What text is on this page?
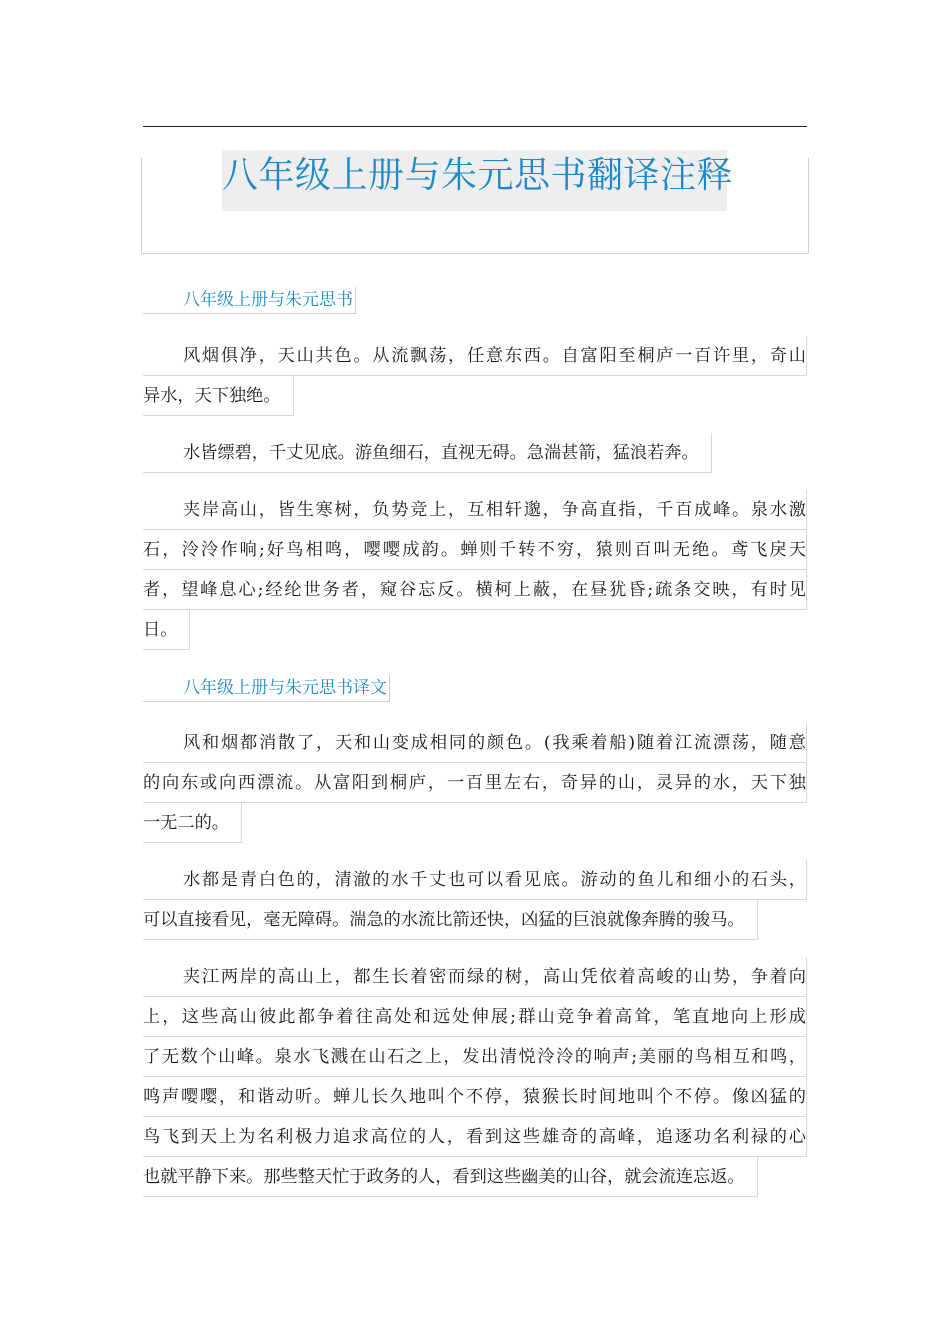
八年级上册与朱元思书翻译注释
八年级上册与朱元思书
风烟俱净，天山共色。从流飘荡，任意东西。自富阳至桐庐一百许里，奇山
异水，天下独绝。

水皆缥碧，千丈见底。游鱼细石，直视无碍。急湍甚箭，猛浪若奔。

夹岸高山，皆生寒树，负势竞上，互相轩邈，争高直指，千百成峰。泉水激
石，泠泠作响;好鸟相鸣，嘤嘤成韵。蝉则千转不穷，猿则百叫无绝。鸢飞戾天
者，望峰息心;经纶世务者，窥谷忘反。横柯上蔽，在昼犹昏;疏条交映，有时见
日。

八年级上册与朱元思书译文
风和烟都消散了，天和山变成相同的颜色。(我乘着船)随着江流漂荡，随意
的向东或向西漂流。从富阳到桐庐，一百里左右，奇异的山，灵异的水，天下独
一无二的。

水都是青白色的，清澈的水千丈也可以看见底。游动的鱼儿和细小的石头，
可以直接看见，毫无障碍。湍急的水流比箭还快，凶猛的巨浪就像奔腾的骏马。

夹江两岸的高山上，都生长着密而绿的树，高山凭依着高峻的山势，争着向
上，这些高山彼此都争着往高处和远处伸展;群山竞争着高耸，笔直地向上形成
了无数个山峰。泉水飞溅在山石之上，发出清悦泠泠的响声;美丽的鸟相互和鸣，
鸣声嘤嘤，和谐动听。蝉儿长久地叫个不停，猿猴长时间地叫个不停。像凶猛的
鸟飞到天上为名利极力追求高位的人，看到这些雄奇的高峰，追逐功名利禄的心
也就平静下来。那些整天忙于政务的人，看到这些幽美的山谷，就会流连忘返。
